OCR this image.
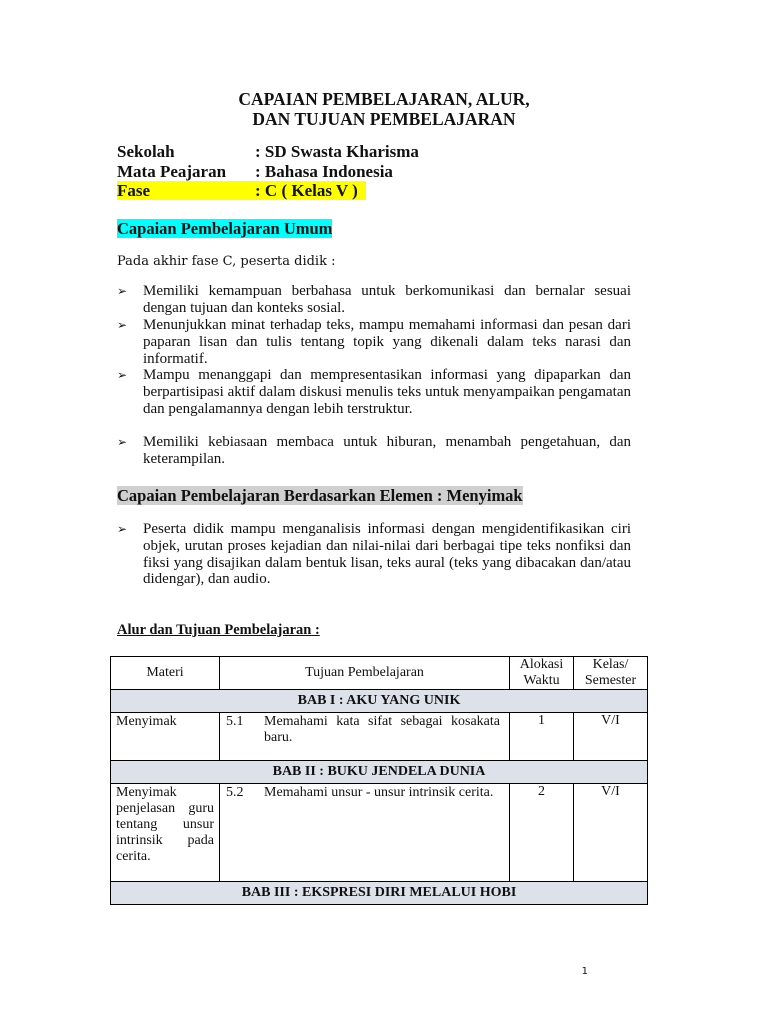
CAPAIAN PEMBELAJARAN, ALUR,
DAN TUJUAN PEMBELAJARAN
Sekolah	: SD Swasta Kharisma
Mata Peajaran : Bahasa Indonesia
Fase	: C ( Kelas V )
Capaian Pembelajaran Umum
Pada akhir fase C, peserta didik :
➢	Memiliki kemampuan berbahasa untuk berkomunikasi dan bernalar sesuai dengan tujuan dan konteks sosial.
➢	Menunjukkan minat terhadap teks, mampu memahami informasi dan pesan dari paparan lisan dan tulis tentang topik yang dikenali dalam teks narasi dan informatif.
➢	Mampu menanggapi dan mempresentasikan informasi yang dipaparkan dan berpartisipasi aktif dalam diskusi menulis teks untuk menyampaikan pengamatan dan pengalamannya dengan lebih terstruktur.
➢	Memiliki kebiasaan membaca untuk hiburan, menambah pengetahuan, dan keterampilan.
Capaian Pembelajaran Berdasarkan Elemen : Menyimak
➢	Peserta didik mampu menganalisis informasi dengan mengidentifikasikan ciri objek, urutan proses kejadian dan nilai-nilai dari berbagai tipe teks nonfiksi dan fiksi yang disajikan dalam bentuk lisan, teks aural (teks yang dibacakan dan/atau didengar), dan audio.
Alur dan Tujuan Pembelajaran :
Materi	Tujuan Pembelajaran	Alokasi Waktu	Kelas/ Semester
BAB I : AKU YANG UNIK			

Menyimak	5.1 Memahami kata sifat sebagai kosakata baru.	1	V/I
BAB II : BUKU JENDELA DUNIA			

Menyimak penjelasan guru tentang unsur intrinsik pada cerita.	5.2 Memahami unsur - unsur intrinsik cerita.	2	V/I
BAB III : EKSPRESI DIRI MELALUI HOBI			
1
